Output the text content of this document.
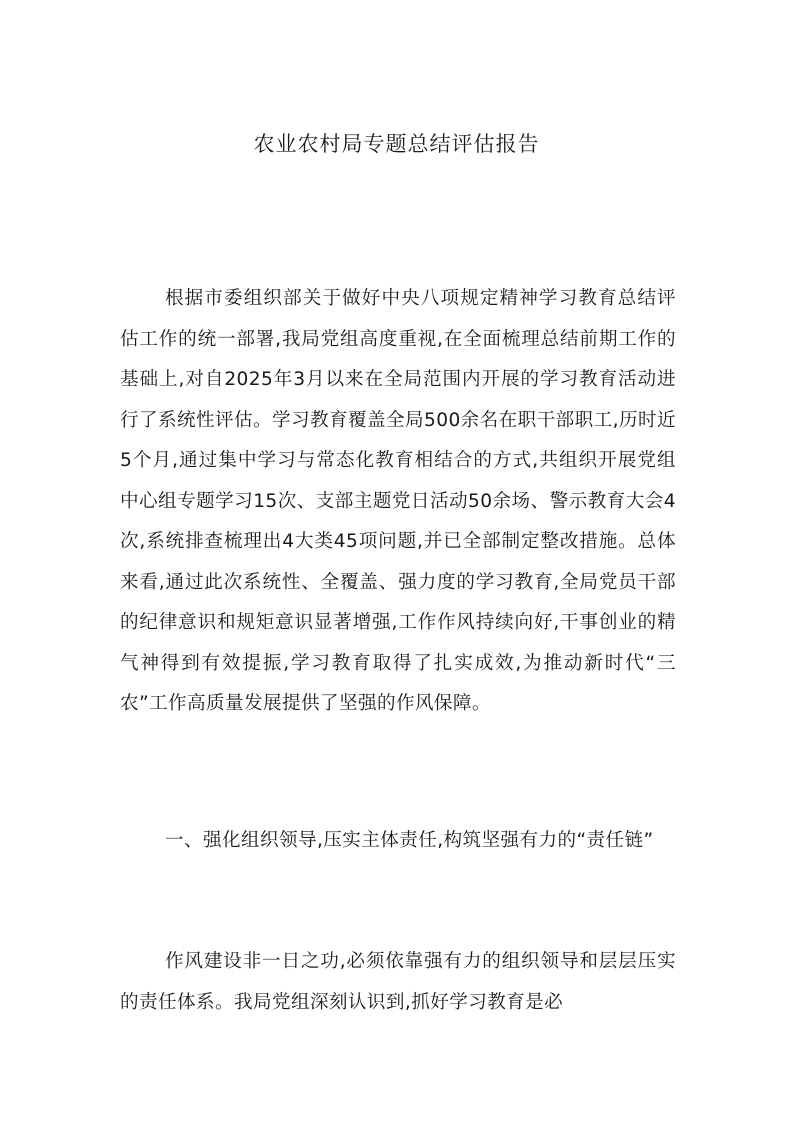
农业农村局专题总结评估报告

根据市委组织部关于做好中央八项规定精神学习教育总结评估工作的统一部署,我局党组高度重视,在全面梳理总结前期工作的基础上,对自2025年3月以来在全局范围内开展的学习教育活动进行了系统性评估。学习教育覆盖全局500余名在职干部职工,历时近5个月,通过集中学习与常态化教育相结合的方式,共组织开展党组中心组专题学习15次、支部主题党日活动50余场、警示教育大会4次,系统排查梳理出4大类45项问题,并已全部制定整改措施。总体来看,通过此次系统性、全覆盖、强力度的学习教育,全局党员干部的纪律意识和规矩意识显著增强,工作作风持续向好,干事创业的精气神得到有效提振,学习教育取得了扎实成效,为推动新时代“三农”工作高质量发展提供了坚强的作风保障。

一、强化组织领导,压实主体责任,构筑坚强有力的“责任链”

作风建设非一日之功,必须依靠强有力的组织领导和层层压实的责任体系。我局党组深刻认识到,抓好学习教育是必
